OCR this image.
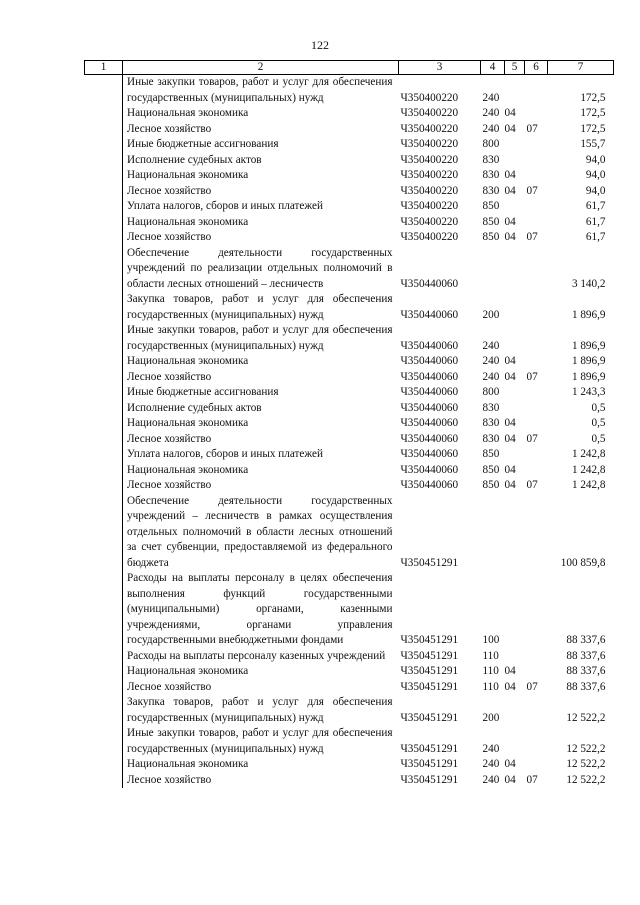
122
1	2	3	4	5	6	7
	Иные закупки товаров, работ и услуг для обеспечения государственных (муниципальных) нужд	Ч350400220	240			172,5
	Национальная экономика	Ч350400220	240	04		172,5
	Лесное хозяйство	Ч350400220	240	04	07	172,5
	Иные бюджетные ассигнования	Ч350400220	800			155,7
	Исполнение судебных актов	Ч350400220	830			94,0
	Национальная экономика	Ч350400220	830	04		94,0
	Лесное хозяйство	Ч350400220	830	04	07	94,0
	Уплата налогов, сборов и иных платежей	Ч350400220	850			61,7
	Национальная экономика	Ч350400220	850	04		61,7
	Лесное хозяйство	Ч350400220	850	04	07	61,7
	Обеспечение деятельности государственных учреждений по реализации отдельных полномочий в области лесных отношений – лесничеств	Ч350440060				3 140,2
	Закупка товаров, работ и услуг для обеспечения государственных (муниципальных) нужд	Ч350440060	200			1 896,9
	Иные закупки товаров, работ и услуг для обеспечения государственных (муниципальных) нужд	Ч350440060	240			1 896,9
	Национальная экономика	Ч350440060	240	04		1 896,9
	Лесное хозяйство	Ч350440060	240	04	07	1 896,9
	Иные бюджетные ассигнования	Ч350440060	800			1 243,3
	Исполнение судебных актов	Ч350440060	830			0,5
	Национальная экономика	Ч350440060	830	04		0,5
	Лесное хозяйство	Ч350440060	830	04	07	0,5
	Уплата налогов, сборов и иных платежей	Ч350440060	850			1 242,8
	Национальная экономика	Ч350440060	850	04		1 242,8
	Лесное хозяйство	Ч350440060	850	04	07	1 242,8
	Обеспечение деятельности государственных учреждений – лесничеств в рамках осуществления отдельных полномочий в области лесных отношений за счет субвенции, предоставляемой из федерального бюджета	Ч350451291				100 859,8
	Расходы на выплаты персоналу в целях обеспечения выполнения функций государственными (муниципальными) органами, казенными учреждениями, органами управления государственными внебюджетными фондами	Ч350451291	100			88 337,6
	Расходы на выплаты персоналу казенных учреждений	Ч350451291	110			88 337,6
	Национальная экономика	Ч350451291	110	04		88 337,6
	Лесное хозяйство	Ч350451291	110	04	07	88 337,6
	Закупка товаров, работ и услуг для обеспечения государственных (муниципальных) нужд	Ч350451291	200			12 522,2
	Иные закупки товаров, работ и услуг для обеспечения государственных (муниципальных) нужд	Ч350451291	240			12 522,2
	Национальная экономика	Ч350451291	240	04		12 522,2
	Лесное хозяйство	Ч350451291	240	04	07	12 522,2
